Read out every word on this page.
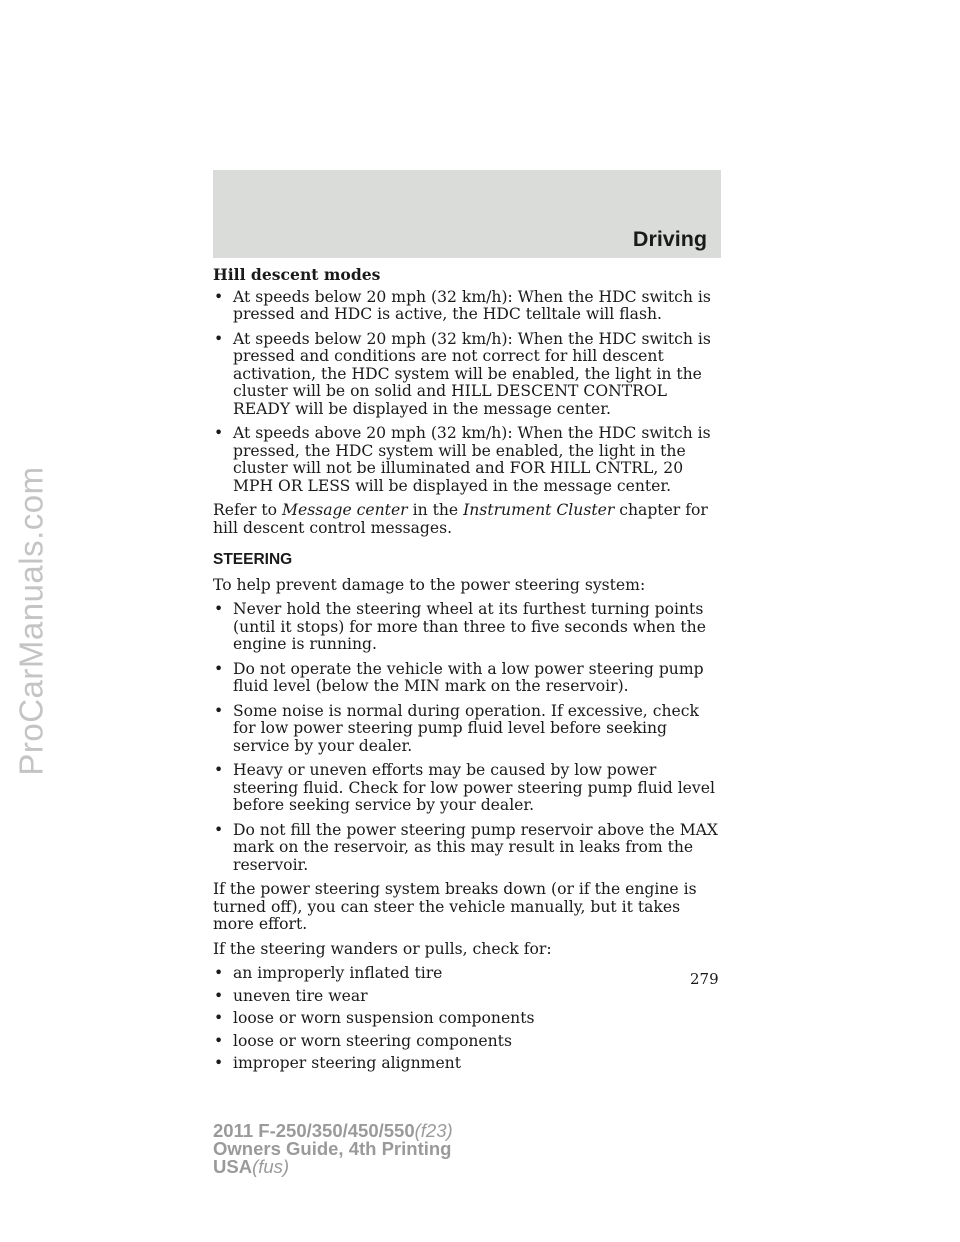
ProCarManuals.com
Driving

Hill descent modes

• At speeds below 20 mph (32 km/h): When the HDC switch is pressed and HDC is active, the HDC telltale will flash.
• At speeds below 20 mph (32 km/h): When the HDC switch is pressed and conditions are not correct for hill descent activation, the HDC system will be enabled, the light in the cluster will be on solid and HILL DESCENT CONTROL READY will be displayed in the message center.
• At speeds above 20 mph (32 km/h): When the HDC switch is pressed, the HDC system will be enabled, the light in the cluster will not be illuminated and FOR HILL CNTRL, 20 MPH OR LESS will be displayed in the message center.

Refer to Message center in the Instrument Cluster chapter for hill descent control messages.

STEERING

To help prevent damage to the power steering system:

• Never hold the steering wheel at its furthest turning points (until it stops) for more than three to five seconds when the engine is running.
• Do not operate the vehicle with a low power steering pump fluid level (below the MIN mark on the reservoir).
• Some noise is normal during operation. If excessive, check for low power steering pump fluid level before seeking service by your dealer.
• Heavy or uneven efforts may be caused by low power steering fluid. Check for low power steering pump fluid level before seeking service by your dealer.
• Do not fill the power steering pump reservoir above the MAX mark on the reservoir, as this may result in leaks from the reservoir.

If the power steering system breaks down (or if the engine is turned off), you can steer the vehicle manually, but it takes more effort.

If the steering wanders or pulls, check for:

• an improperly inflated tire
• uneven tire wear
• loose or worn suspension components
• loose or worn steering components
• improper steering alignment
279
2011 F-250/350/450/550(f23)
Owners Guide, 4th Printing
USA(fus)
